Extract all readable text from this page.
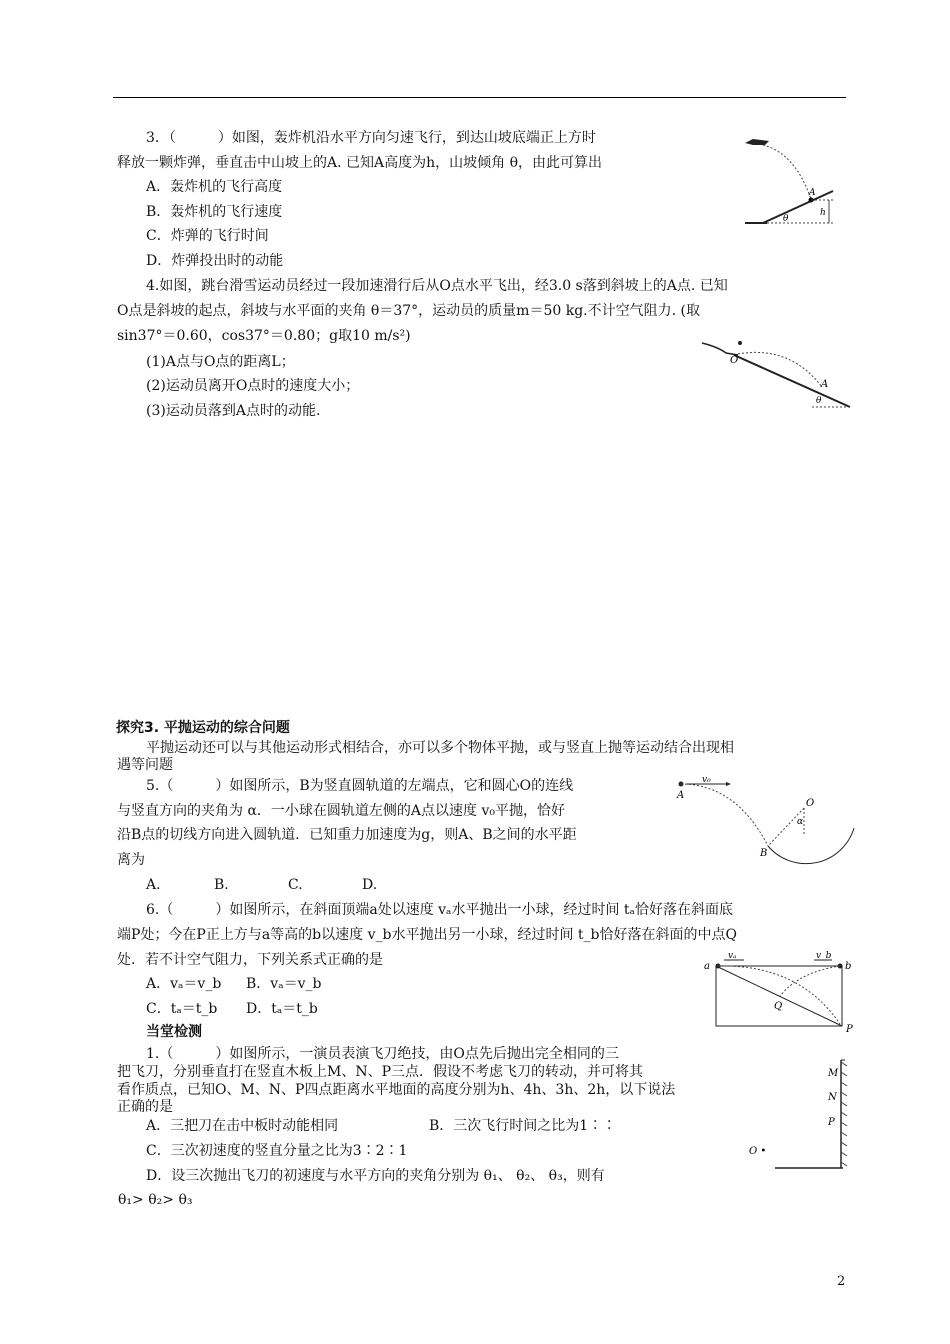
3．（　　　）如图，轰炸机沿水平方向匀速飞行，到达山坡底端正上方时
释放一颗炸弹，垂直击中山坡上的A. 已知A高度为h，山坡倾角 θ，由此可算出
A．轰炸机的飞行高度
B．轰炸机的飞行速度
C．炸弹的飞行时间
D．炸弹投出时的动能
A
θ
h
4.如图，跳台滑雪运动员经过一段加速滑行后从O点水平飞出，经3.0 s落到斜坡上的A点. 已知
O点是斜坡的起点，斜坡与水平面的夹角 θ＝37°，运动员的质量m＝50 kg.不计空气阻力. (取
sin37°＝0.60，cos37°＝0.80；g取10 m/s²)
(1)A点与O点的距离L；
(2)运动员离开O点时的速度大小；
(3)运动员落到A点时的动能.
O
A
θ
探究3. 平抛运动的综合问题
平抛运动还可以与其他运动形式相结合，亦可以多个物体平抛，或与竖直上抛等运动结合出现相
遇等问题
5.（　　　）如图所示，B为竖直圆轨道的左端点，它和圆心O的连线
与竖直方向的夹角为 α．一小球在圆轨道左侧的A点以速度 v₀平抛，恰好
沿B点的切线方向进入圆轨道．已知重力加速度为g，则A、B之间的水平距
离为
A.	B.	C.	D.
v₀
A
O
α
B
6.（　　　）如图所示，在斜面顶端a处以速度 vₐ水平抛出一小球，经过时间 tₐ恰好落在斜面底
端P处；今在P正上方与a等高的b以速度 v_b水平抛出另一小球，经过时间 t_b恰好落在斜面的中点Q
处．若不计空气阻力，下列关系式正确的是
A．vₐ＝v_b B．vₐ＝v_b
C．tₐ＝t_b D．tₐ＝t_b
a
vₐ	v_b
b
Q
P
当堂检测
1.（　　　）如图所示，一演员表演飞刀绝技，由O点先后抛出完全相同的三
把飞刀，分别垂直打在竖直木板上M、N、P三点．假设不考虑飞刀的转动，并可将其
看作质点，已知O、M、N、P四点距离水平地面的高度分别为h、4h、3h、2h，以下说法
正确的是
A．三把刀在击中板时动能相同	B．三次飞行时间之比为1∶∶
C．三次初速度的竖直分量之比为3∶2∶1
D．设三次抛出飞刀的初速度与水平方向的夹角分别为 θ₁、 θ₂、 θ₃，则有
θ₁> θ₂> θ₃
M
N
P
O •
2
